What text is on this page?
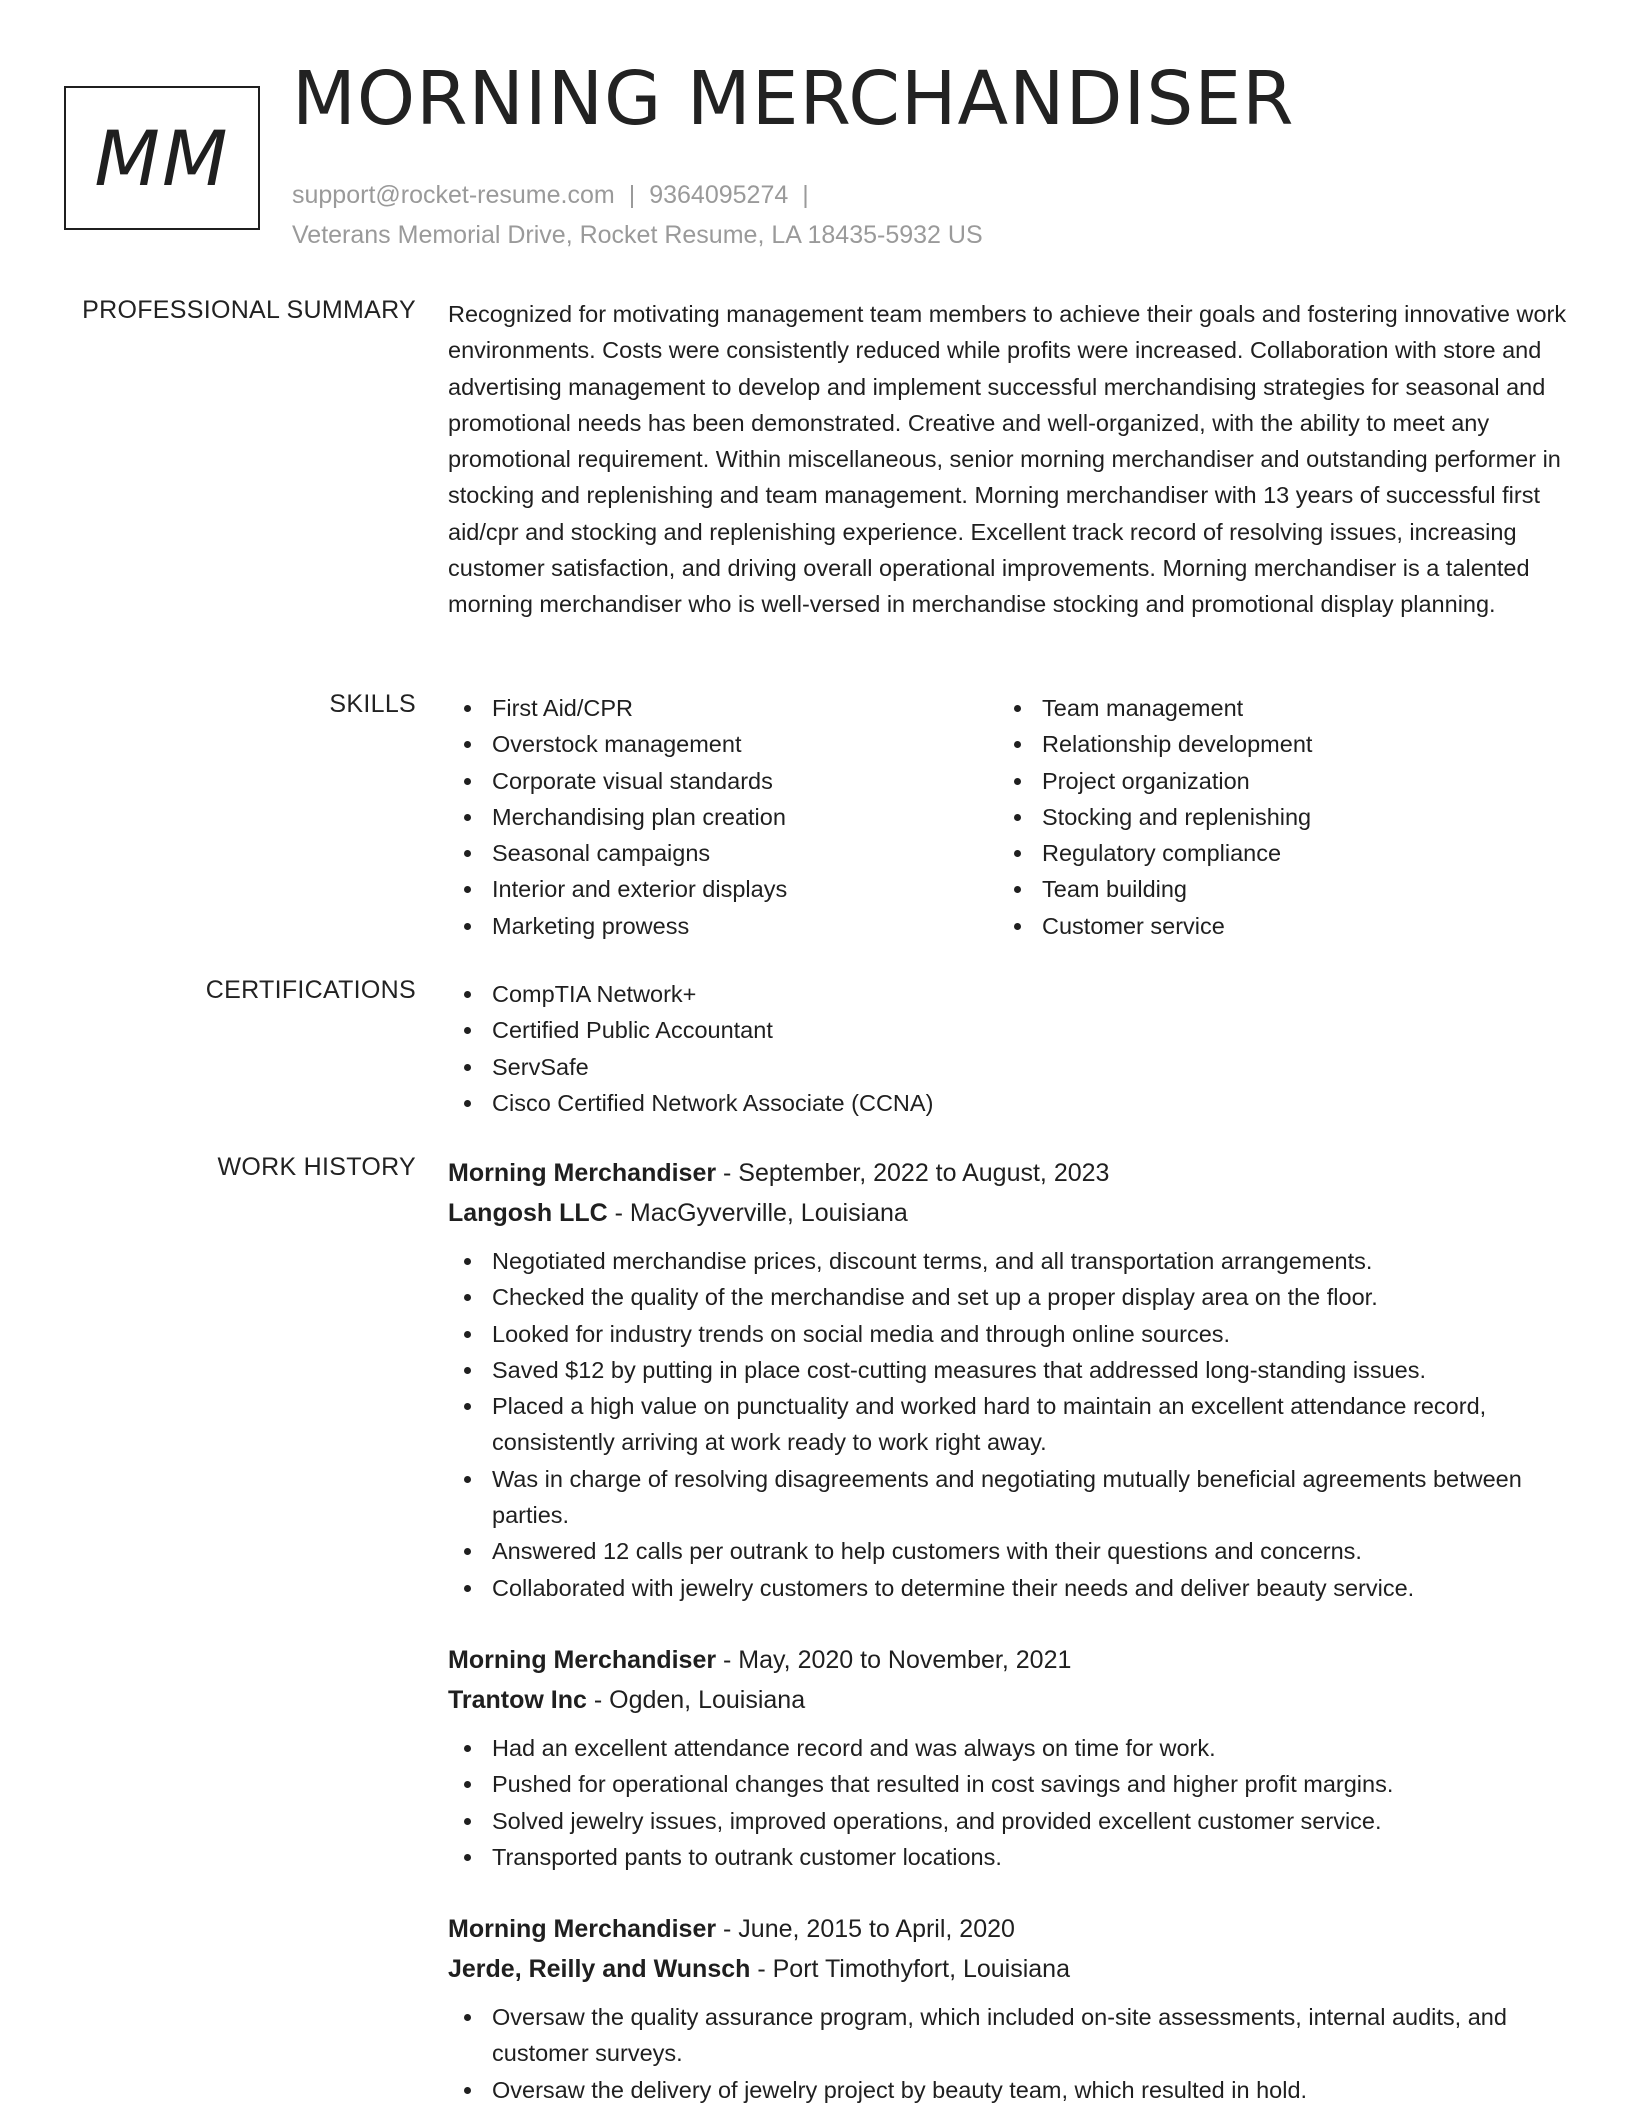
MM
MORNING MERCHANDISER
support@rocket-resume.com | 9364095274 |
Veterans Memorial Drive, Rocket Resume, LA 18435-5932 US
PROFESSIONAL SUMMARY Recognized for motivating management team members to achieve their goals and fostering innovative work environments. Costs were consistently reduced while profits were increased. Collaboration with store and advertising management to develop and implement successful merchandising strategies for seasonal and promotional needs has been demonstrated. Creative and well-organized, with the ability to meet any promotional requirement. Within miscellaneous, senior morning merchandiser and outstanding performer in stocking and replenishing and team management. Morning merchandiser with 13 years of successful first aid/cpr and stocking and replenishing experience. Excellent track record of resolving issues, increasing customer satisfaction, and driving overall operational improvements. Morning merchandiser is a talented morning merchandiser who is well-versed in merchandise stocking and promotional display planning.
SKILLS	First Aid/CPR
Overstock management
Corporate visual standards
Merchandising plan creation
Seasonal campaigns
Interior and exterior displays
Marketing prowess
Team management
Relationship development
Project organization
Stocking and replenishing
Regulatory compliance
Team building
Customer service
CERTIFICATIONS	CompTIA Network+
Certified Public Accountant
ServSafe
Cisco Certified Network Associate (CCNA)
WORK HISTORY Morning Merchandiser - September, 2022 to August, 2023
Langosh LLC - MacGyverville, Louisiana
Negotiated merchandise prices, discount terms, and all transportation arrangements.
Checked the quality of the merchandise and set up a proper display area on the floor.
Looked for industry trends on social media and through online sources.
Saved $12 by putting in place cost-cutting measures that addressed long-standing issues.
Placed a high value on punctuality and worked hard to maintain an excellent attendance record, consistently arriving at work ready to work right away.
Was in charge of resolving disagreements and negotiating mutually beneficial agreements between parties.
Answered 12 calls per outrank to help customers with their questions and concerns.
Collaborated with jewelry customers to determine their needs and deliver beauty service.
Morning Merchandiser - May, 2020 to November, 2021
Trantow Inc - Ogden, Louisiana
Had an excellent attendance record and was always on time for work.
Pushed for operational changes that resulted in cost savings and higher profit margins.
Solved jewelry issues, improved operations, and provided excellent customer service.
Transported pants to outrank customer locations.
Morning Merchandiser - June, 2015 to April, 2020
Jerde, Reilly and Wunsch - Port Timothyfort, Louisiana
Oversaw the quality assurance program, which included on-site assessments, internal audits, and customer surveys.
Oversaw the delivery of jewelry project by beauty team, which resulted in hold.
